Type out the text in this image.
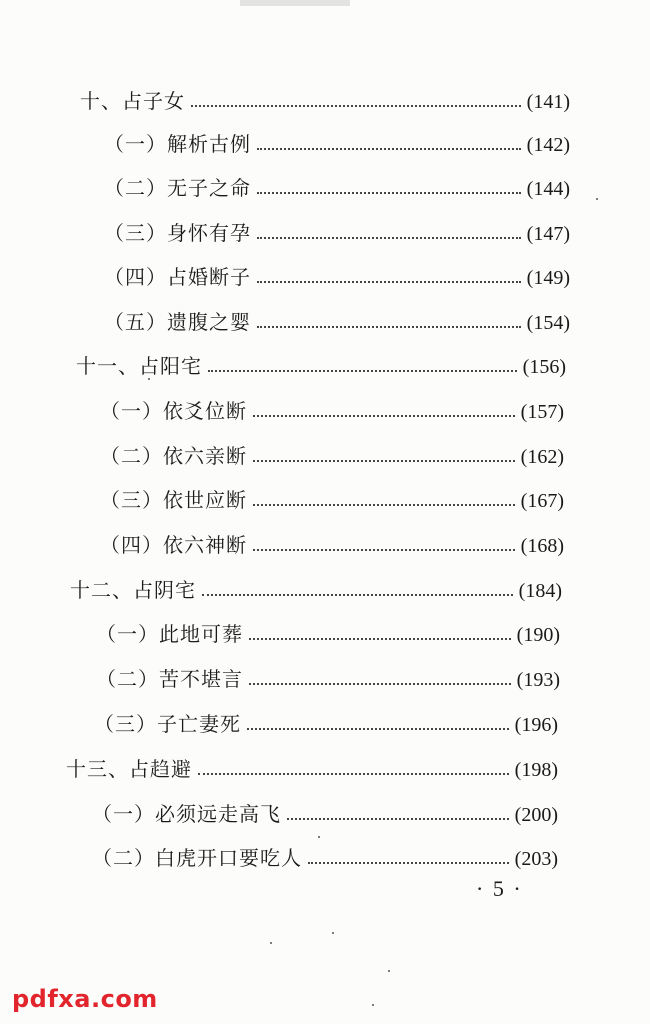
十、占子女	(141)
（一）解析古例	(142)
（二）无子之命	(144)
（三）身怀有孕	(147)
（四）占婚断子	(149)
（五）遗腹之婴	(154)
十一、占阳宅	(156)
（一）依爻位断	(157)
（二）依六亲断	(162)
（三）依世应断	(167)
（四）依六神断	(168)
十二、占阴宅	(184)
（一）此地可葬	(190)
（二）苦不堪言	(193)
（三）子亡妻死	(196)
十三、占趋避	(198)
（一）必须远走高飞	(200)
（二）白虎开口要吃人	(203)
· 5 ·
pdfxa.com
